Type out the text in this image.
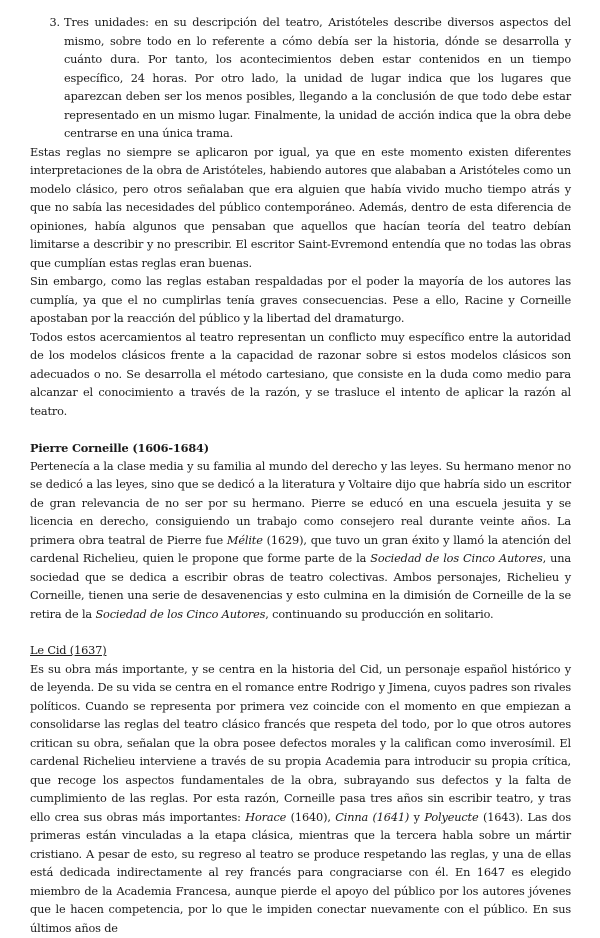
3. Tres unidades: en su descripción del teatro, Aristóteles describe diversos aspectos del mismo, sobre todo en lo referente a cómo debía ser la historia, dónde se desarrolla y cuánto dura. Por tanto, los acontecimientos deben estar contenidos en un tiempo específico, 24 horas. Por otro lado, la unidad de lugar indica que los lugares que aparezcan deben ser los menos posibles, llegando a la conclusión de que todo debe estar representado en un mismo lugar. Finalmente, la unidad de acción indica que la obra debe centrarse en una única trama.

Estas reglas no siempre se aplicaron por igual, ya que en este momento existen diferentes interpretaciones de la obra de Aristóteles, habiendo autores que alababan a Aristóteles como un modelo clásico, pero otros señalaban que era alguien que había vivido mucho tiempo atrás y que no sabía las necesidades del público contemporáneo. Además, dentro de esta diferencia de opiniones, había algunos que pensaban que aquellos que hacían teoría del teatro debían limitarse a describir y no prescribir. El escritor Saint-Evremond entendía que no todas las obras que cumplían estas reglas eran buenas.

Sin embargo, como las reglas estaban respaldadas por el poder la mayoría de los autores las cumplía, ya que el no cumplirlas tenía graves consecuencias. Pese a ello, Racine y Corneille apostaban por la reacción del público y la libertad del dramaturgo.

Todos estos acercamientos al teatro representan un conflicto muy específico entre la autoridad de los modelos clásicos frente a la capacidad de razonar sobre si estos modelos clásicos son adecuados o no. Se desarrolla el método cartesiano, que consiste en la duda como medio para alcanzar el conocimiento a través de la razón, y se trasluce el intento de aplicar la razón al teatro.

Pierre Corneille (1606-1684)

Pertenecía a la clase media y su familia al mundo del derecho y las leyes. Su hermano menor no se dedicó a las leyes, sino que se dedicó a la literatura y Voltaire dijo que habría sido un escritor de gran relevancia de no ser por su hermano. Pierre se educó en una escuela jesuita y se licencia en derecho, consiguiendo un trabajo como consejero real durante veinte años. La primera obra teatral de Pierre fue Mélite (1629), que tuvo un gran éxito y llamó la atención del cardenal Richelieu, quien le propone que forme parte de la Sociedad de los Cinco Autores, una sociedad que se dedica a escribir obras de teatro colectivas. Ambos personajes, Richelieu y Corneille, tienen una serie de desavenencias y esto culmina en la dimisión de Corneille de la se retira de la Sociedad de los Cinco Autores, continuando su producción en solitario.

Le Cid (1637)

Es su obra más importante, y se centra en la historia del Cid, un personaje español histórico y de leyenda. De su vida se centra en el romance entre Rodrigo y Jimena, cuyos padres son rivales políticos. Cuando se representa por primera vez coincide con el momento en que empiezan a consolidarse las reglas del teatro clásico francés que respeta del todo, por lo que otros autores critican su obra, señalan que la obra posee defectos morales y la califican como inverosímil. El cardenal Richelieu interviene a través de su propia Academia para introducir su propia crítica, que recoge los aspectos fundamentales de la obra, subrayando sus defectos y la falta de cumplimiento de las reglas. Por esta razón, Corneille pasa tres años sin escribir teatro, y tras ello crea sus obras más importantes: Horace (1640), Cinna (1641) y Polyeucte (1643). Las dos primeras están vinculadas a la etapa clásica, mientras que la tercera habla sobre un mártir cristiano. A pesar de esto, su regreso al teatro se produce respetando las reglas, y una de ellas está dedicada indirectamente al rey francés para congraciarse con él. En 1647 es elegido miembro de la Academia Francesa, aunque pierde el apoyo del público por los autores jóvenes que le hacen competencia, por lo que le impiden conectar nuevamente con el público. En sus últimos años de
